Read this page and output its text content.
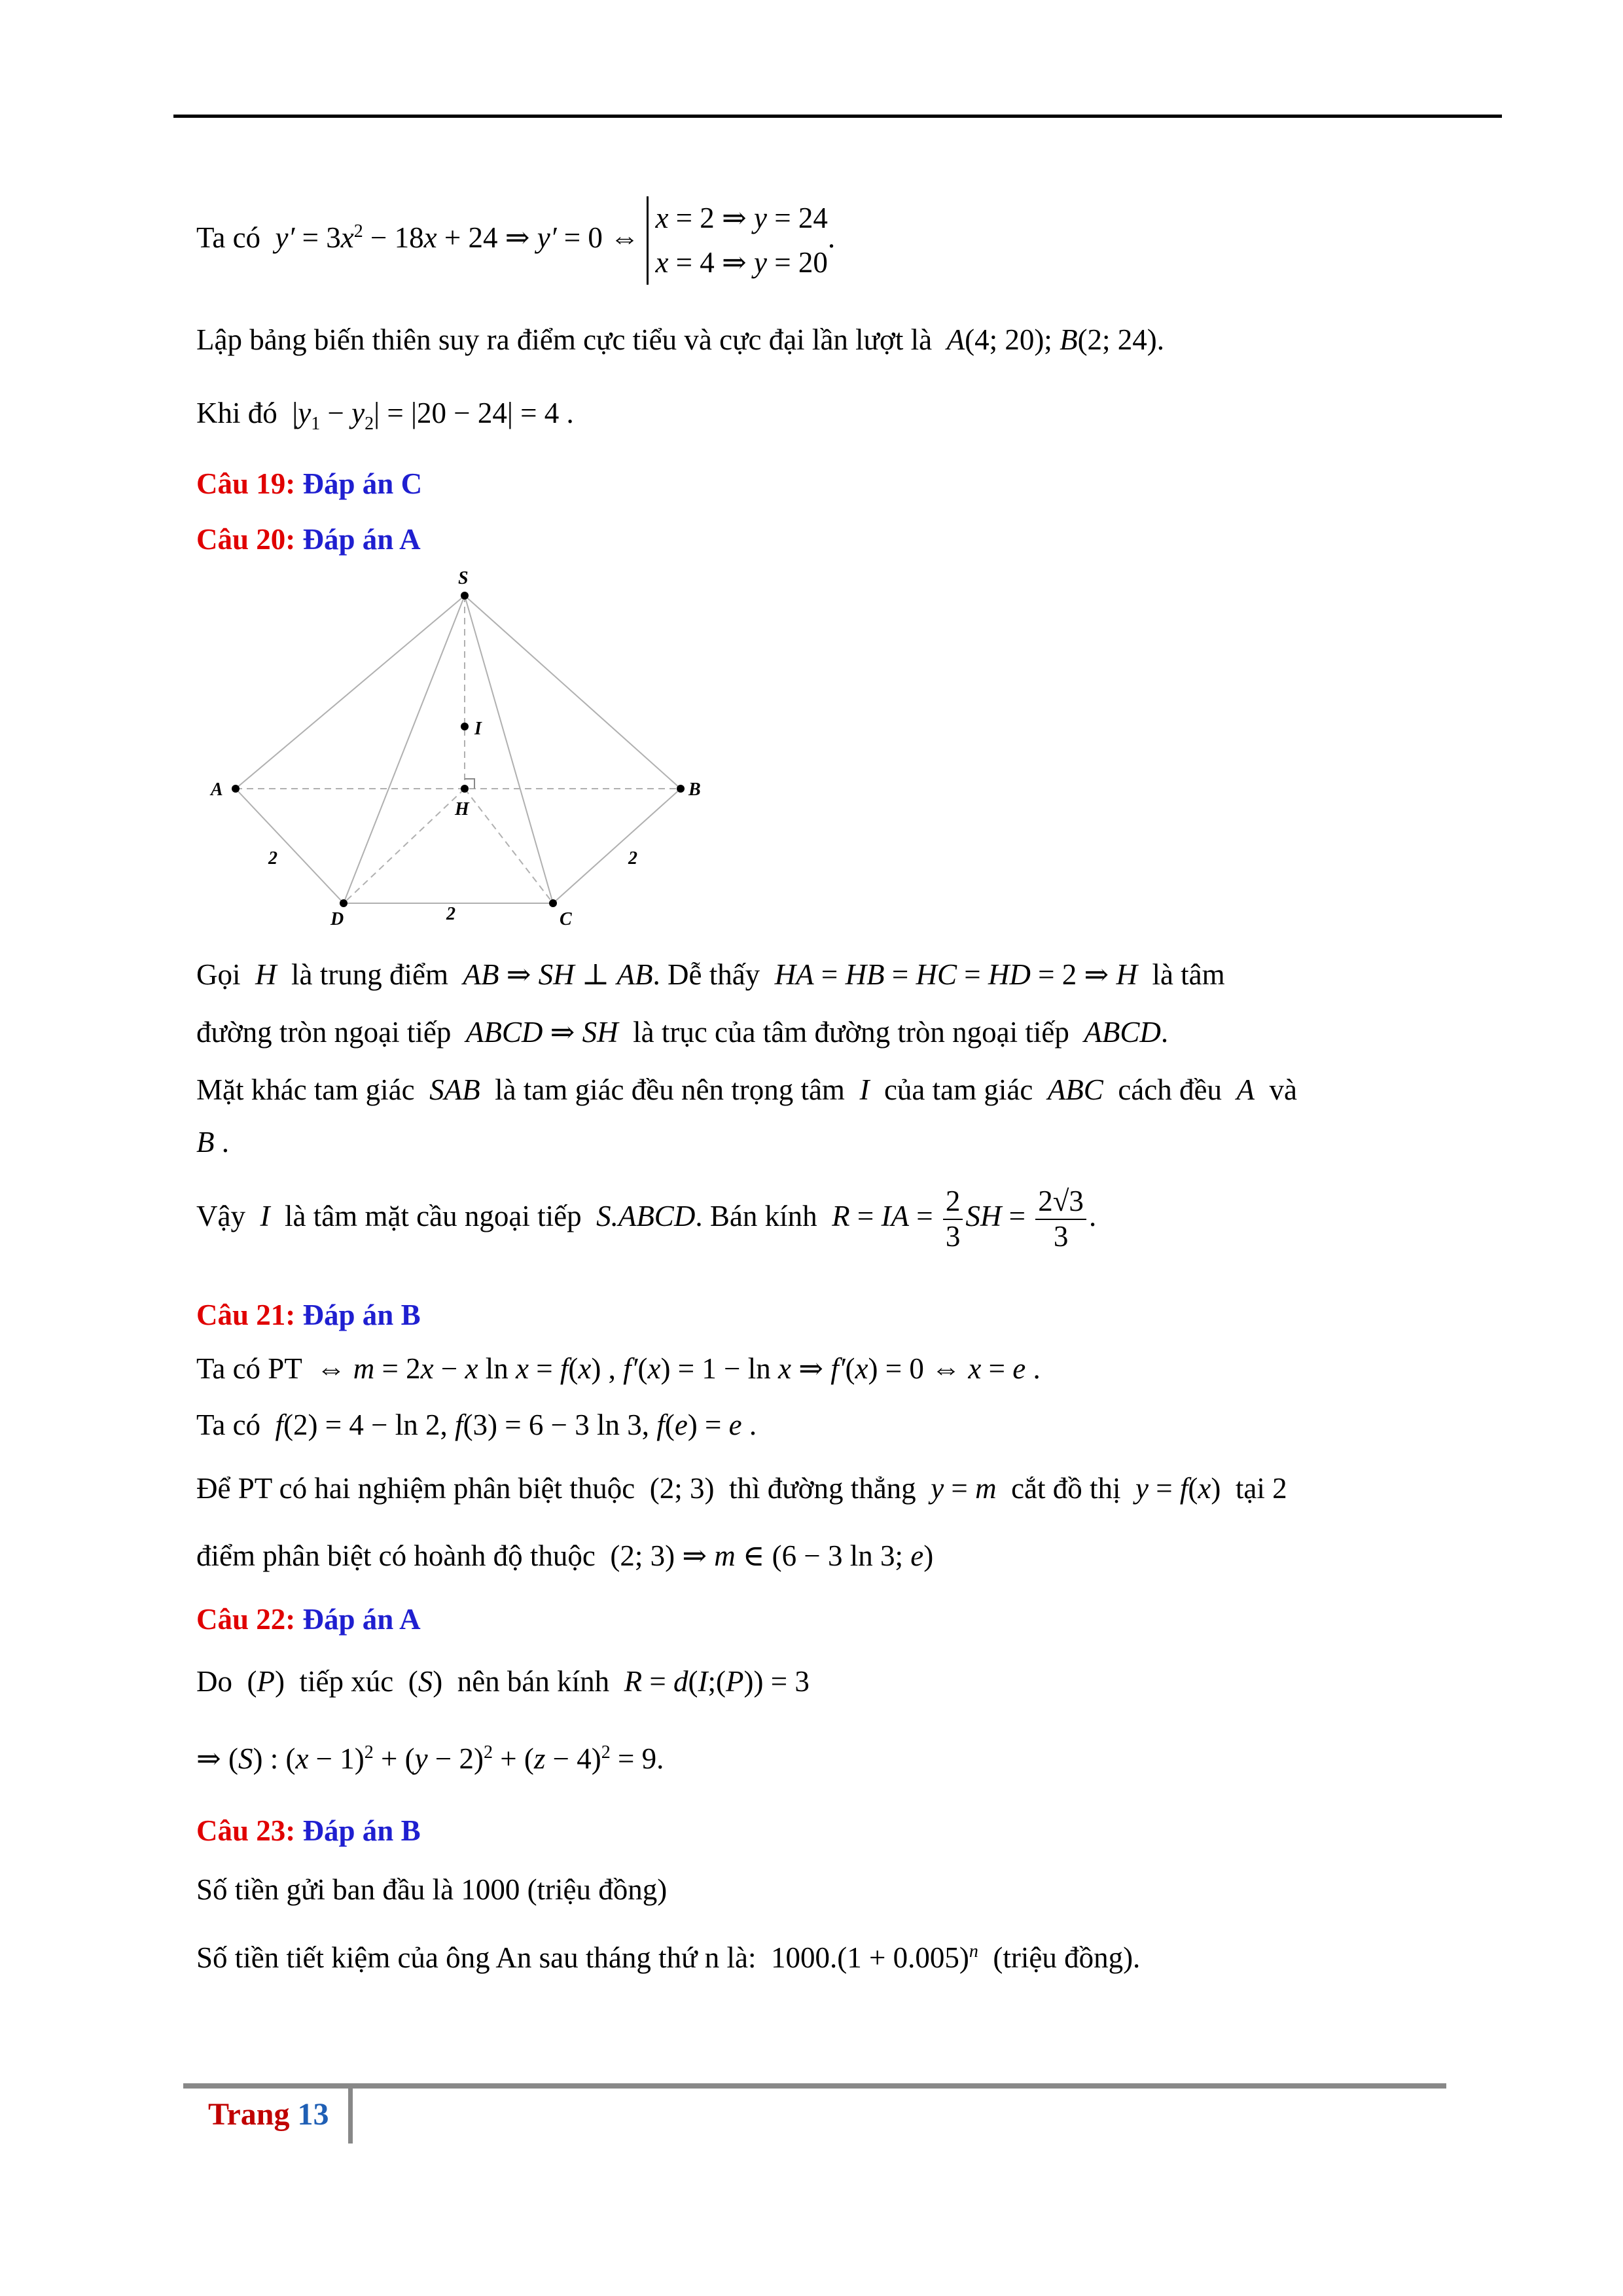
Ta có $y' = 3x^2 - 18x + 24$ ⇒ y′ = 0 ⇔ x = 2 ⇒ y = 24
x = 4 ⇒ y = 20.
Lập bảng biến thiên suy ra điểm cực tiểu và cực đại lần lượt là A(4; 20); B(2; 24).
Khi đó  $|y_1 - y_2| = |20 - 24| = 4$ .
Câu 19: Đáp án C
Câu 20: Đáp án A
Gọi H là trung điểm AB ⇒ SH ⊥ AB. Dễ thấy HA = HB = HC = HD = 2 ⇒ H là tâm
đường tròn ngoại tiếp ABCD ⇒ SH là trục của tâm đường tròn ngoại tiếp ABCD.
Mặt khác tam giác SAB là tam giác đều nên trọng tâm I của tam giác ABC cách đều A và
B .
Vậy I là tâm mặt cầu ngoại tiếp S.ABCD. Bán kính R = IA = $\frac{2}{3}$ SH = $\frac{2√3}{3}$ .
Câu 21: Đáp án B
Ta có PT  ⇔ m = 2x − x ln x = f(x) , f′(x) = 1 − ln x ⇒ f′(x) = 0 ⇔ x = e .
Ta có f(2) = 4 − ln 2, f(3) = 6 − 3 ln 3, f(e) = e .
Để PT có hai nghiệm phân biệt thuộc  (2; 3)  thì đường thẳng y = m cắt đồ thị y = f(x)  tại 2
điểm phân biệt có hoành độ thuộc  (2; 3) ⇒ m ∈ (6 − 3 ln 3; e)
Câu 22: Đáp án A
Do  (P)  tiếp xúc  (S)  nên bán kính R = d(I;(P)) = 3
⇒ (S) : $(x - 1)^2 + (y - 2)^2 + (z - 4)^2 = 9$.
Câu 23: Đáp án B
Số tiền gửi ban đầu là 1000 (triệu đồng)
Số tiền tiết kiệm của ông An sau tháng thứ n là:  $1000.(1 + 0.005)^n$ (triệu đồng).
S
I
A	B
H
D	C
2
2
2
Trang 13
